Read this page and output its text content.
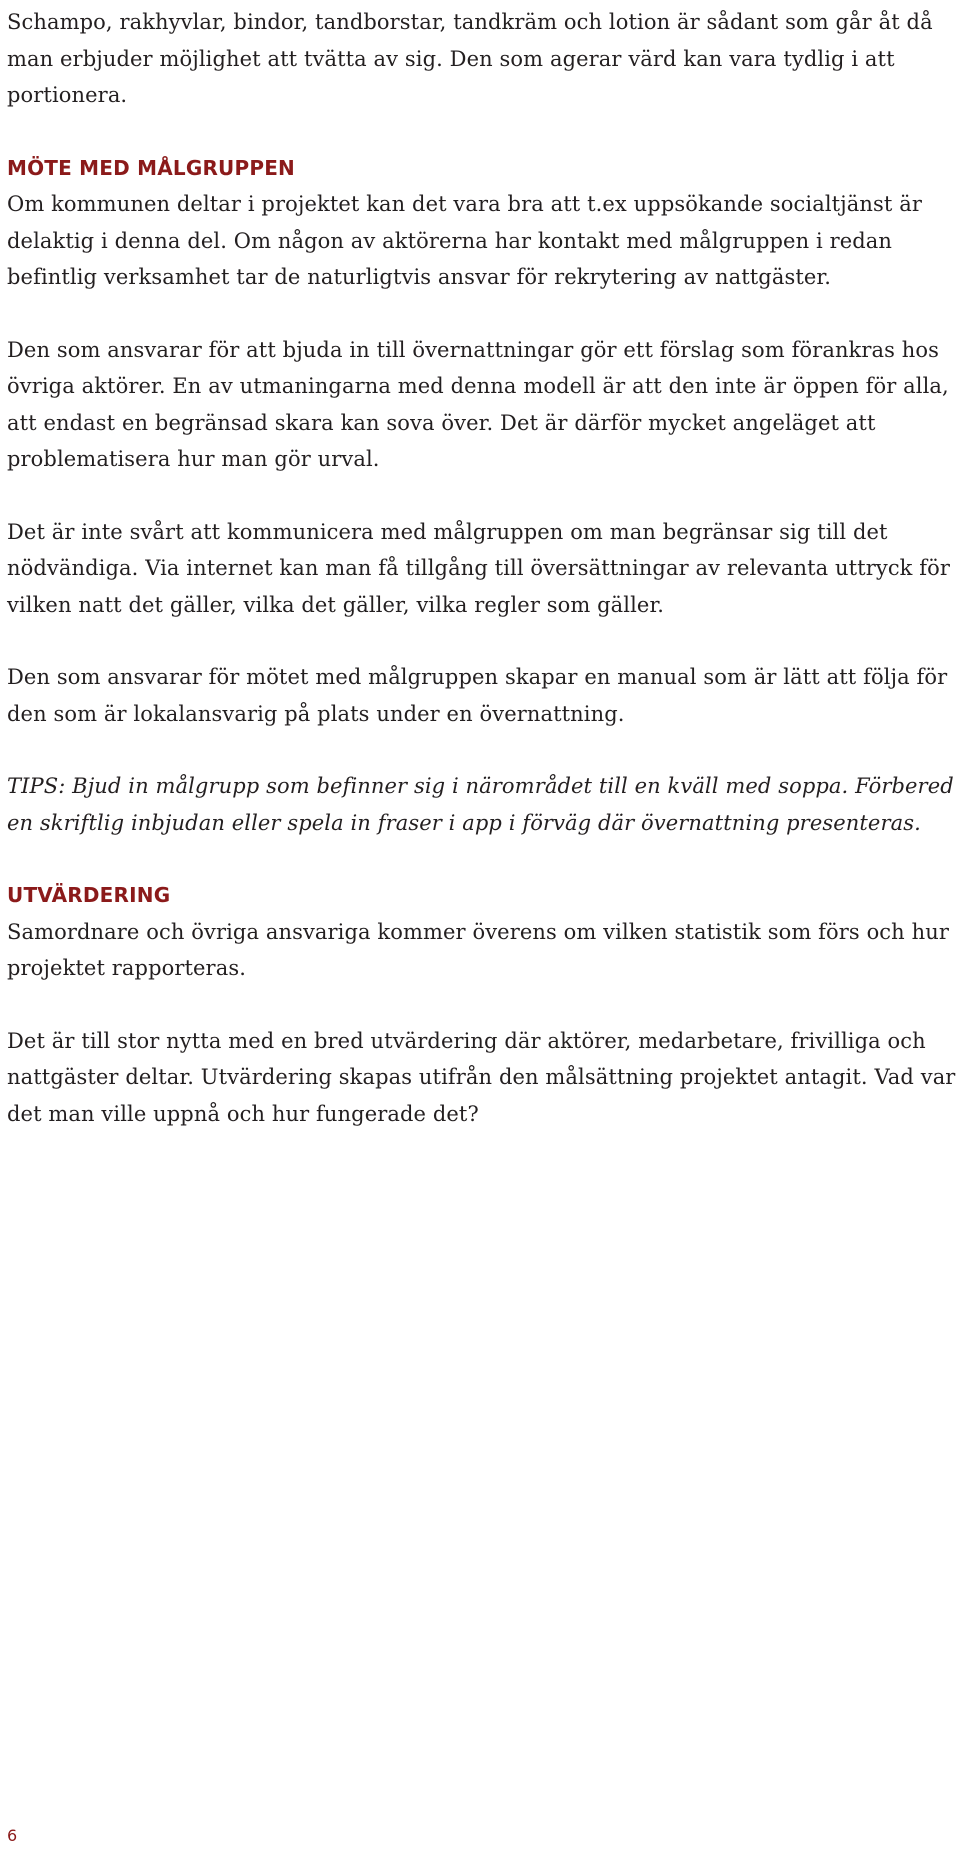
Schampo, rakhyvlar, bindor, tandborstar, tandkräm och lotion är sådant som går åt då man erbjuder möjlighet att tvätta av sig. Den som agerar värd kan vara tydlig i att portionera.

MÖTE MED MÅLGRUPPEN

Om kommunen deltar i projektet kan det vara bra att t.ex uppsökande socialtjänst är delaktig i denna del. Om någon av aktörerna har kontakt med målgruppen i redan befintlig verksamhet tar de naturligtvis ansvar för rekrytering av nattgäster.

Den som ansvarar för att bjuda in till övernattningar gör ett förslag som förankras hos övriga aktörer. En av utmaningarna med denna modell är att den inte är öppen för alla, att endast en begränsad skara kan sova över. Det är därför mycket angeläget att problematisera hur man gör urval.

Det är inte svårt att kommunicera med målgruppen om man begränsar sig till det nödvändiga. Via internet kan man få tillgång till översättningar av relevanta uttryck för vilken natt det gäller, vilka det gäller, vilka regler som gäller.

Den som ansvarar för mötet med målgruppen skapar en manual som är lätt att följa för den som är lokalansvarig på plats under en övernattning.

TIPS: Bjud in målgrupp som befinner sig i närområdet till en kväll med soppa. Förbered en skriftlig inbjudan eller spela in fraser i app i förväg där övernattning presenteras.

UTVÄRDERING

Samordnare och övriga ansvariga kommer överens om vilken statistik som förs och hur projektet rapporteras.

Det är till stor nytta med en bred utvärdering där aktörer, medarbetare, frivilliga och nattgäster deltar. Utvärdering skapas utifrån den målsättning projektet antagit. Vad var det man ville uppnå och hur fungerade det?

6
